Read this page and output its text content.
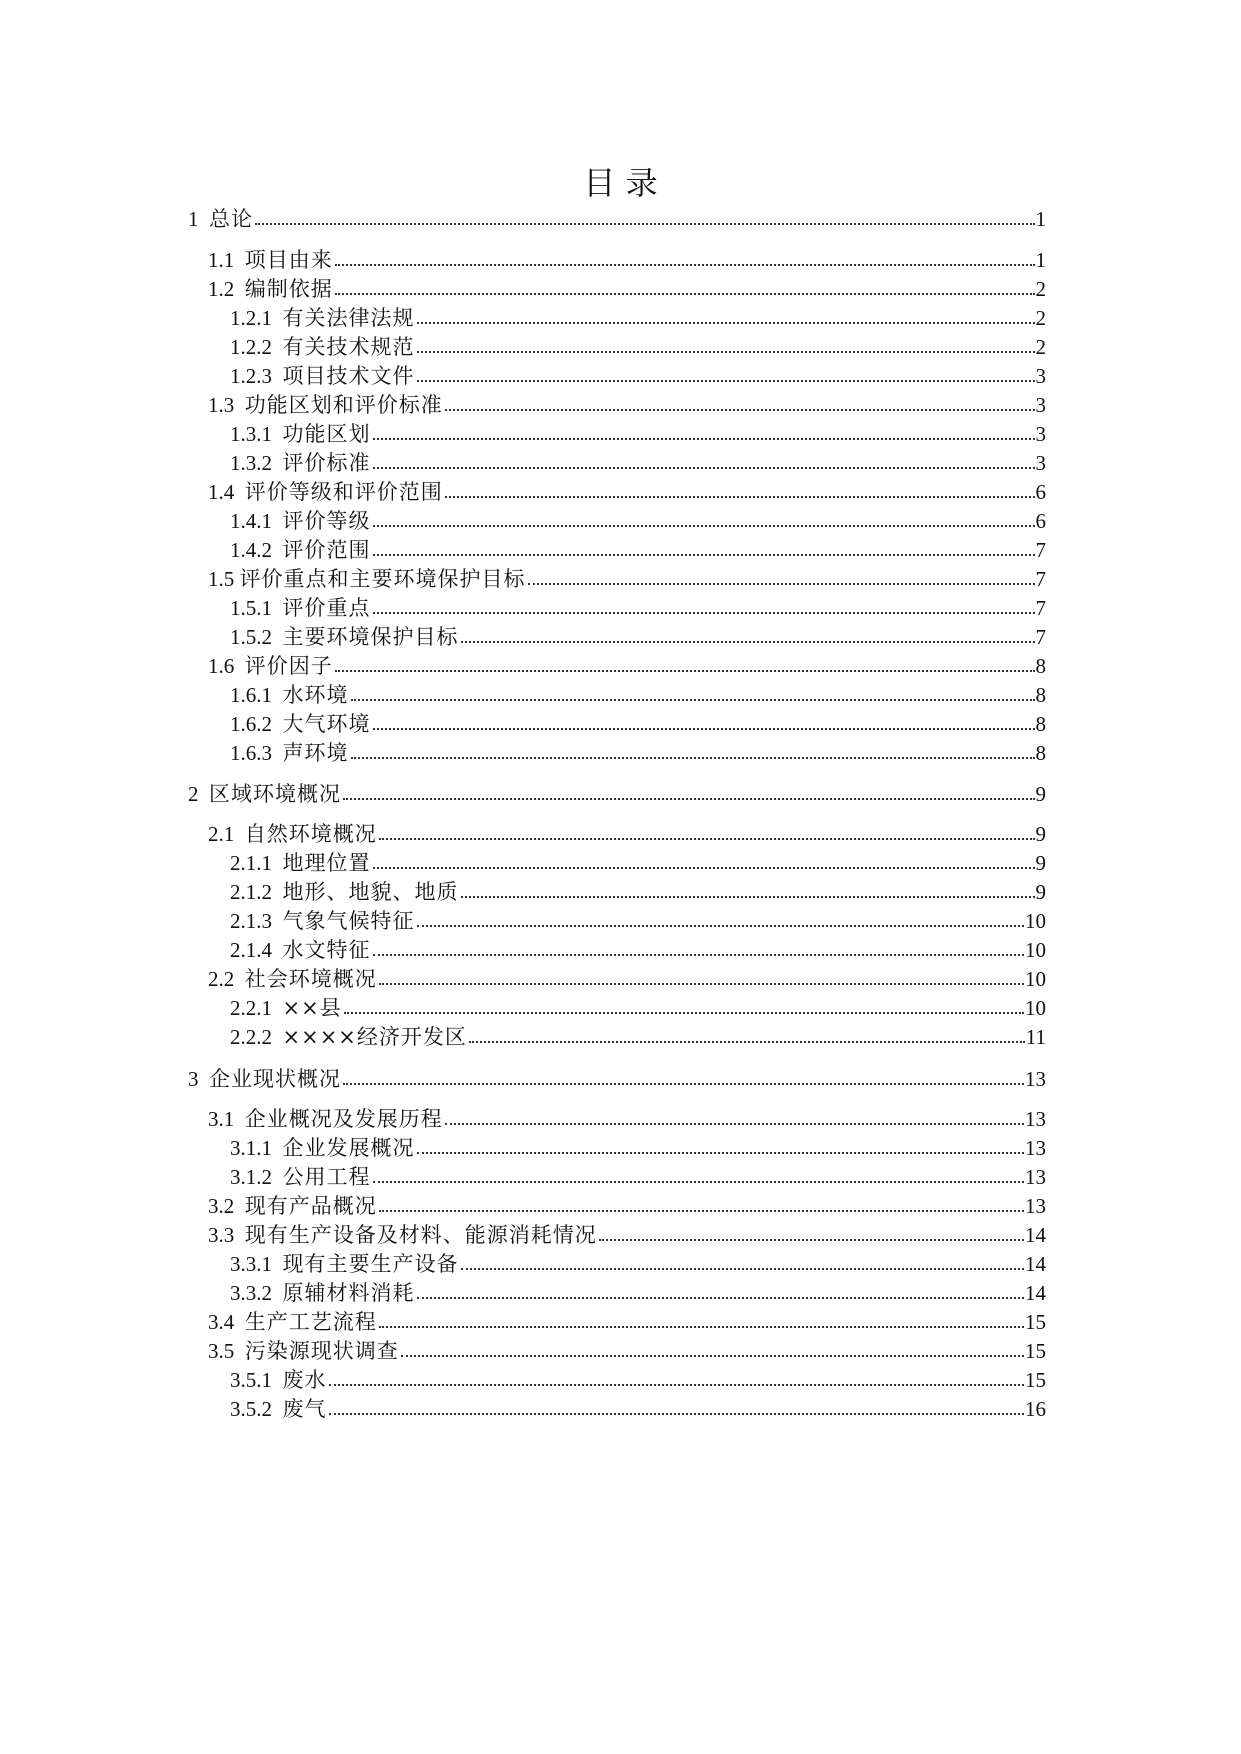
目 录
1 总论	1
1.1 项目由来	1
1.2 编制依据	2
1.2.1 有关法律法规	2
1.2.2 有关技术规范	2
1.2.3 项目技术文件	3
1.3 功能区划和评价标准	3
1.3.1 功能区划	3
1.3.2 评价标准	3
1.4 评价等级和评价范围	6
1.4.1 评价等级	6
1.4.2 评价范围	7
1.5 评价重点和主要环境保护目标	7
1.5.1 评价重点	7
1.5.2 主要环境保护目标	7
1.6 评价因子	8
1.6.1 水环境	8
1.6.2 大气环境	8
1.6.3 声环境	8
2 区域环境概况	9
2.1 自然环境概况	9
2.1.1 地理位置	9
2.1.2 地形、地貌、地质	9
2.1.3 气象气候特征	10
2.1.4 水文特征	10
2.2 社会环境概况	10
2.2.1 ××县	10
2.2.2 ××××经济开发区	11
3 企业现状概况	13
3.1 企业概况及发展历程	13
3.1.1 企业发展概况	13
3.1.2 公用工程	13
3.2 现有产品概况	13
3.3 现有生产设备及材料、能源消耗情况	14
3.3.1 现有主要生产设备	14
3.3.2 原辅材料消耗	14
3.4 生产工艺流程	15
3.5 污染源现状调查	15
3.5.1 废水	15
3.5.2 废气	16
